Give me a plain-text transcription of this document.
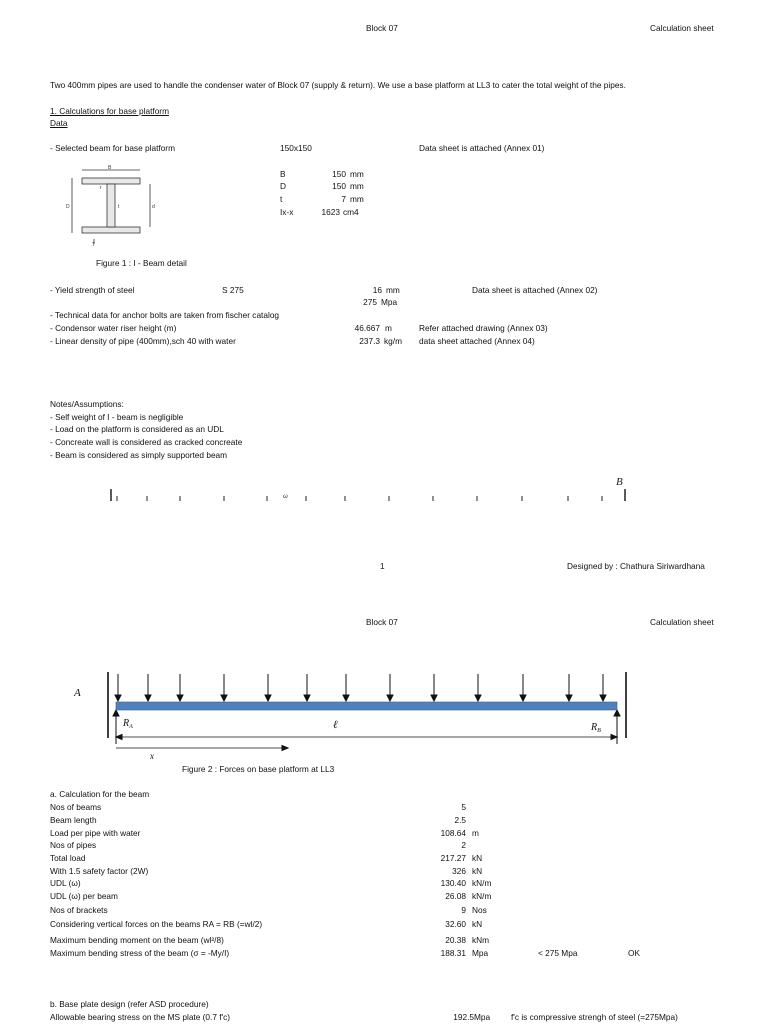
Block 07	Calculation sheet
Two 400mm pipes are used to handle the condenser water of Block 07 (supply & return). We use a base platform at LL3 to cater the total weight of the pipes.
1. Calculations for base platform
Data
- Selected beam for base platform	150x150	Data sheet is attached (Annex 01)
B
D	t	d
r
T
B	150 mm
D	150 mm
t	7 mm
Ix-x	1623 cm4
Figure 1 : I - Beam detail
- Yield strength of steel	S 275	16 mm	Data sheet is attached (Annex 02)
275 Mpa
- Technical data for anchor bolts are taken from fischer catalog
- Condensor water riser height (m)	46.667 m	Refer attached drawing (Annex 03)
- Linear density of pipe (400mm),sch 40 with water	237.3 kg/m data sheet attached (Annex 04)
Notes/Assumptions:
- Self weight of I - beam is negligible
- Load on the platform is considered as an UDL
- Concreate wall is considered as cracked concreate
- Beam is considered as simply supported beam
ω
B
1	Designed by : Chathura Siriwardhana
Block 07	Calculation sheet
A
$R_A$	$R_B$
ℓ
x
Figure 2 : Forces on base platform at LL3
a. Calculation for the beam
Nos of beams	5
Beam length	2.5
Load per pipe with water	108.64 m
Nos of pipes	2
Total load	217.27 kN
With 1.5 safety factor (2W)	326 kN
UDL (ω)	130.40 kN/m
UDL (ω) per beam	26.08 kN/m
Nos of brackets	9 Nos
Considering vertical forces on the beams RA = RB (=wl/2)	32.60 kN
Maximum bending moment on the beam (wl²/8)	20.38 kNm
Maximum bending stress of the beam (σ = -My/I)	188.31 Mpa	< 275 Mpa	OK
b. Base plate design (refer ASD procedure)
Allowable bearing stress on the MS plate (0.7 f'c)	192.5 Mpa	f'c is compressive strengh of steel (=275Mpa)
